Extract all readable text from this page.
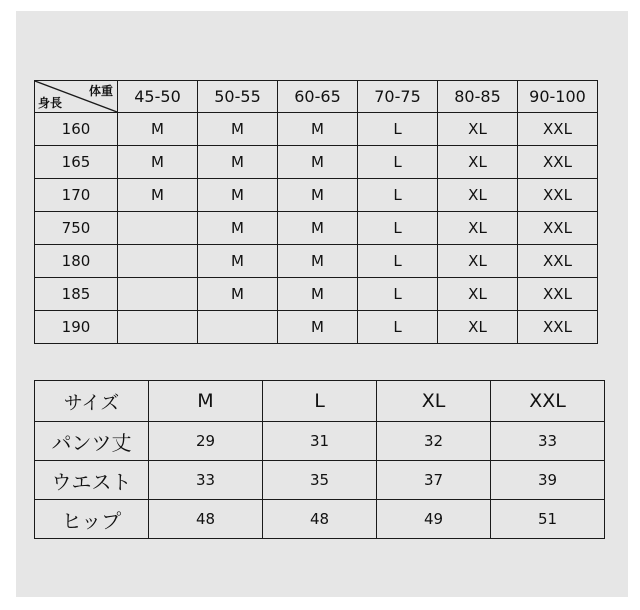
体重
身長	45-50	50-55	60-65	70-75	80-85	90-100
160	M	M	M	L	XL	XXL
165	M	M	M	L	XL	XXL
170	M	M	M	L	XL	XXL
750		M	M	L	XL	XXL
180		M	M	L	XL	XXL
185		M	M	L	XL	XXL
190			M	L	XL	XXL
サイズ	M	L	XL	XXL
パンツ丈	29	31	32	33
ウエスト	33	35	37	39
ヒップ	48	48	49	51
